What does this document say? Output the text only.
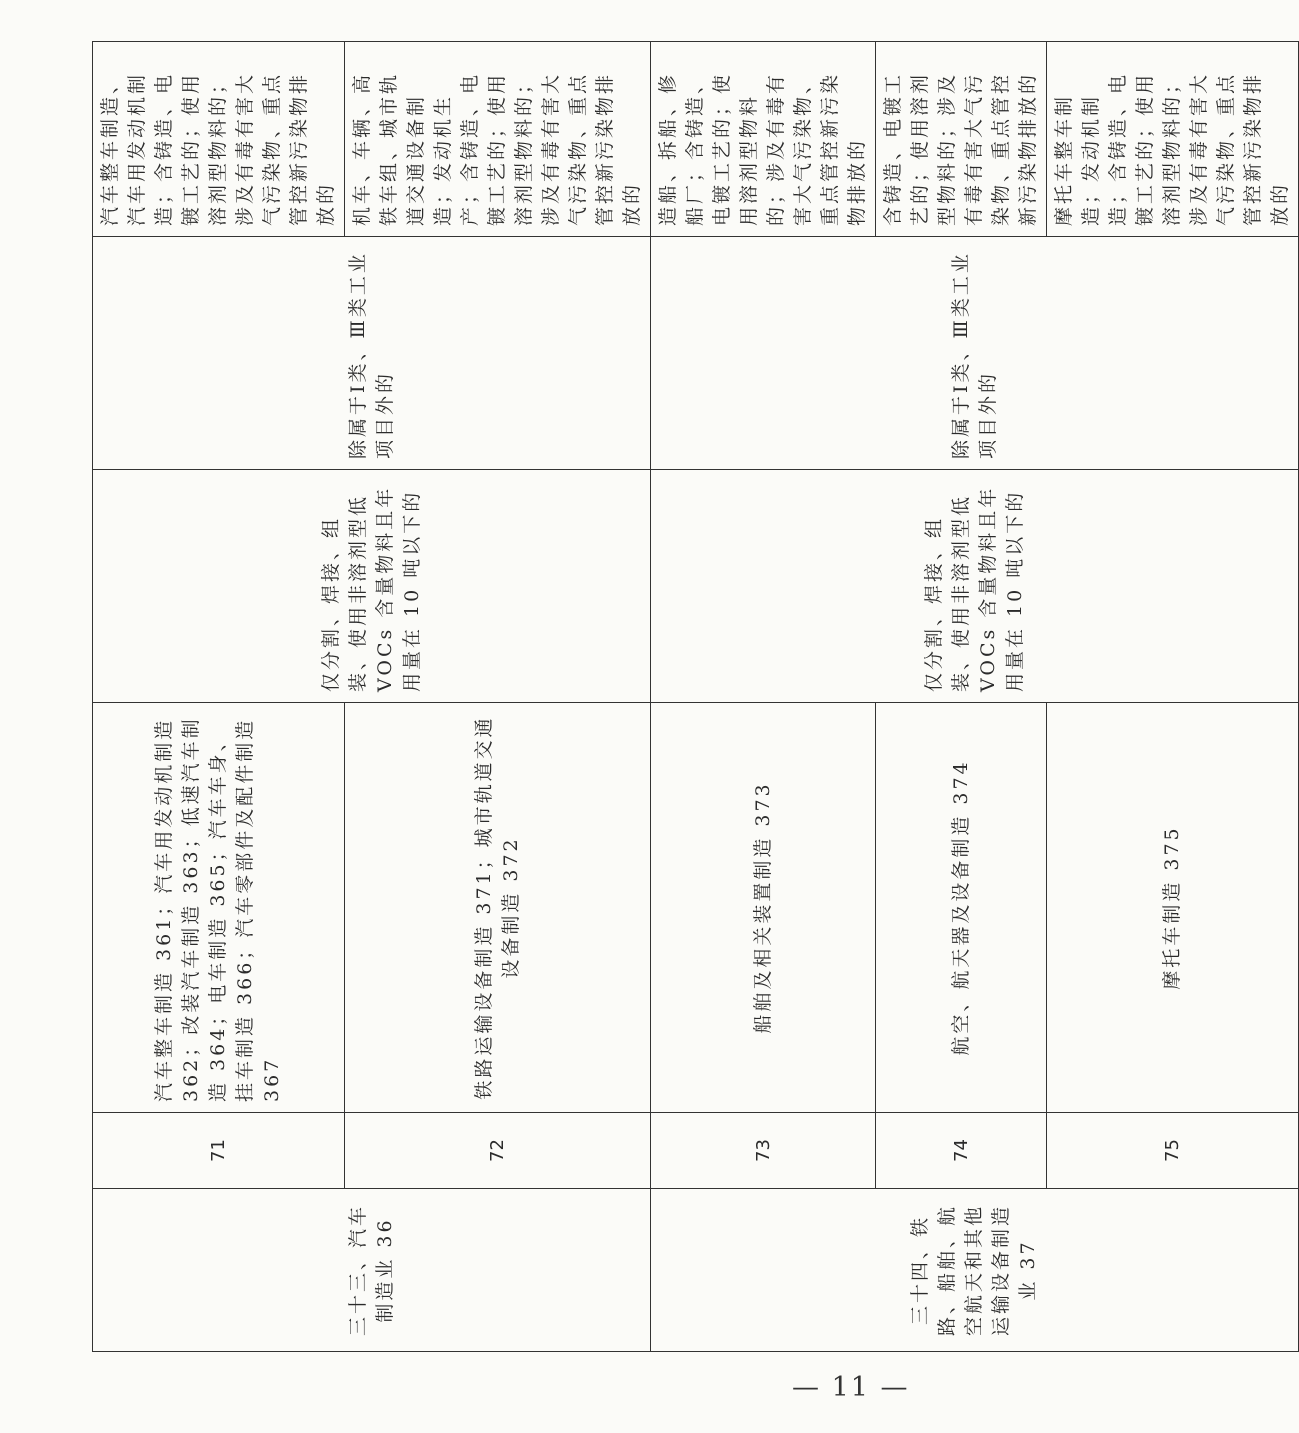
三十三、汽车制造业 36	71	汽车整车制造 361；汽车用发动机制造 362；改装汽车制造 363；低速汽车制造 364；电车制造 365；汽车车身、挂车制造 366；汽车零部件及配件制造 367	仅分割、焊接、组装、使用非溶剂型低 VOCs 含量物料且年用量在 10 吨以下的	除属于Ⅰ类、Ⅲ类工业项目外的	汽车整车制造、汽车用发动机制造；含铸造、电镀工艺的；使用溶剂型物料的；涉及有毒有害大气污染物、重点管控新污染物排放的
	72	铁路运输设备制造 371；城市轨道交通设备制造 372			机车、车辆、高铁车组、城市轨道交通设备制造；发动机生产；含铸造、电镀工艺的；使用溶剂型物料的；涉及有毒有害大气污染物、重点管控新污染物排放的
三十四、铁路、船舶、航空航天和其他运输设备制造业 37	73	船舶及相关装置制造 373	仅分割、焊接、组装、使用非溶剂型低 VOCs 含量物料且年用量在 10 吨以下的	除属于Ⅰ类、Ⅲ类工业项目外的	造船、拆船、修船厂；含铸造、电镀工艺的；使用溶剂型物料的；涉及有毒有害大气污染物、重点管控新污染物排放的
	74	航空、航天器及设备制造 374			含铸造、电镀工艺的；使用溶剂型物料的；涉及有毒有害大气污染物、重点管控新污染物排放的
	75	摩托车制造 375			摩托车整车制造；发动机制造；含铸造、电镀工艺的；使用溶剂型物料的；涉及有毒有害大气污染物、重点管控新污染物排放的
— 11 —
